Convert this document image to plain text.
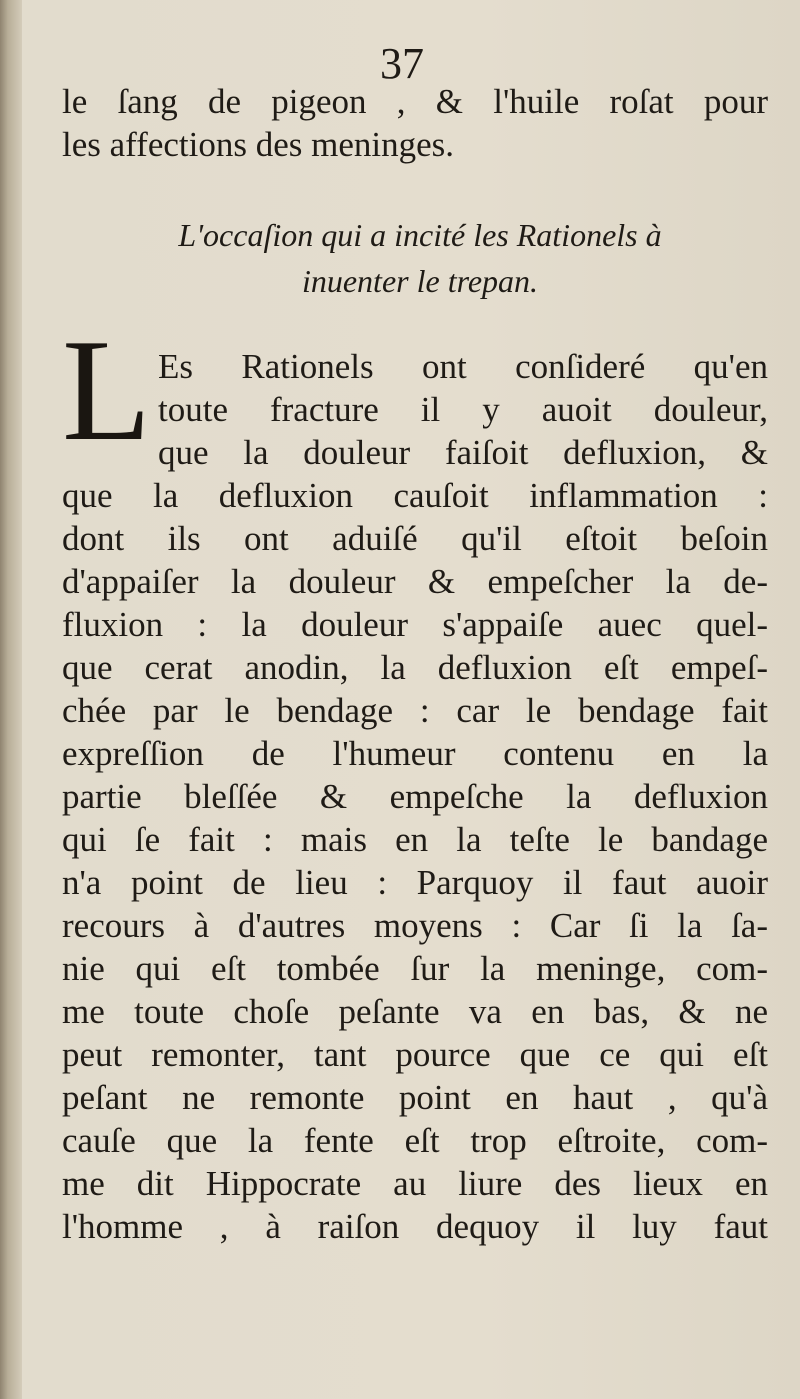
37
le ſang de pigeon , & l'huile roſat pour
les affections des meninges.
L'occaſion qui a incité les Rationels à
inuenter le trepan.
L Es Rationels ont conſideré qu'en
toute fracture il y auoit douleur,
que la douleur faiſoit defluxion, &
que la defluxion cauſoit inflammation :
dont ils ont aduiſé qu'il eſtoit beſoin
d'appaiſer la douleur & empeſcher la de-
fluxion : la douleur s'appaiſe auec quel-
que cerat anodin, la defluxion eſt empeſ-
chée par le bendage : car le bendage fait
expreſſion de l'humeur contenu en la
partie bleſſée & empeſche la defluxion
qui ſe fait : mais en la teſte le bandage
n'a point de lieu : Parquoy il faut auoir
recours à d'autres moyens : Car ſi la ſa-
nie qui eſt tombée ſur la meninge, com-
me toute choſe peſante va en bas, & ne
peut remonter, tant pource que ce qui eſt
peſant ne remonte point en haut , qu'à
cauſe que la fente eſt trop eſtroite, com-
me dit Hippocrate au liure des lieux en
l'homme , à raiſon dequoy il luy faut
